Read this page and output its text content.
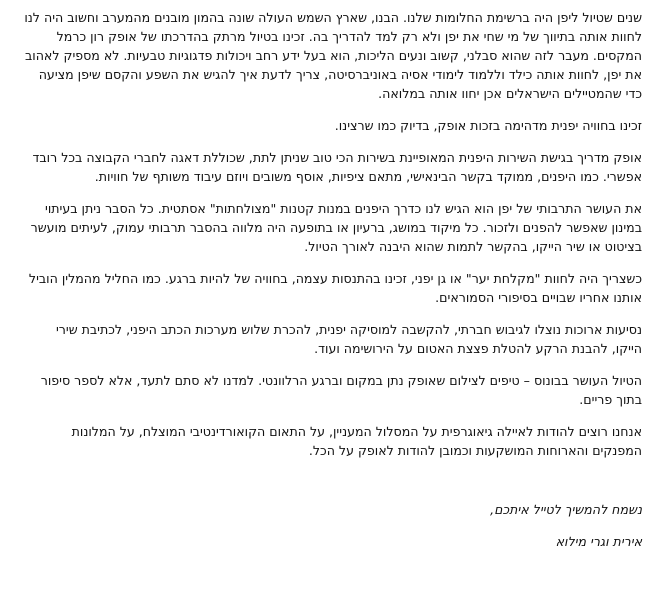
שנים שטיול ליפן היה ברשימת החלומות שלנו. הבנו, שארץ השמש העולה שונה בהמון מובנים מהמערב וחשוב היה לנו לחוות אותה בתיווך של מי שחי את יפן ולא רק למד להדריך בה. זכינו בטיול מרתק בהדרכתו של אופק רון כרמל המקסים. מעבר לזה שהוא סבלני, קשוב ונעים הליכות, הוא בעל ידע רחב ויכולות פדגוגיות טבעיות. לא מספיק לאהוב את יפן, לחוות אותה כילד וללמוד לימודי אסיה באוניברסיטה, צריך לדעת איך להגיש את השפע והקסם שיפן מציעה כדי שהמטיילים הישראלים אכן יחוו אותה במלואה.

זכינו בחוויה יפנית מדהימה בזכות אופק, בדיוק כמו שרצינו.

אופק מדריך בגישת השירות היפנית המאופיינת בשירות הכי טוב שניתן לתת, שכוללת דאגה לחברי הקבוצה בכל רובד אפשרי. כמו היפנים, ממוקד בקשר הבינאישי, מתאם ציפיות, אוסף משובים ויוזם עיבוד משותף של חוויות.

את העושר התרבותי של יפן הוא הגיש לנו כדרך היפנים במנות קטנות "מצולחתות" אסתטית. כל הסבר ניתן בעיתוי במינון שאפשר להפנים ולזכור. כל מיקוד במושג, ברעיון או בתופעה היה מלווה בהסבר תרבותי עמוק, לעיתים מועשר בציטוט או שיר הייקו, בהקשר לתמות שהוא היבנה לאורך הטיול.

כשצריך היה לחוות "מקלחת יער" או גן יפני, זכינו בהתנסות עצמה, בחוויה של להיות ברגע. כמו החליל מהמלין הוביל אותנו אחריו שבויים בסיפורי הסמוראים.

נסיעות ארוכות נוצלו לגיבוש חברתי, להקשבה למוסיקה יפנית, להכרת שלוש מערכות הכתב היפני, לכתיבת שירי הייקו, להבנת הרקע להטלת פצצת האטום על הירושימה ועוד.

הטיול העושר בבונוס – טיפים לצילום שאופק נתן במקום וברגע הרלוונטי. למדנו לא סתם לתעד, אלא לספר סיפור בתוך פריים.

אנחנו רוצים להודות לאיילה גיאוגרפית על המסלול המעניין, על התאום הקואורדינטיבי המוצלח, על המלונות המפנקים והארוחות המושקעות וכמובן להודות לאופק על הכל.

נשמח להמשיך לטייל איתכם,

אירית וגרי מילוא
